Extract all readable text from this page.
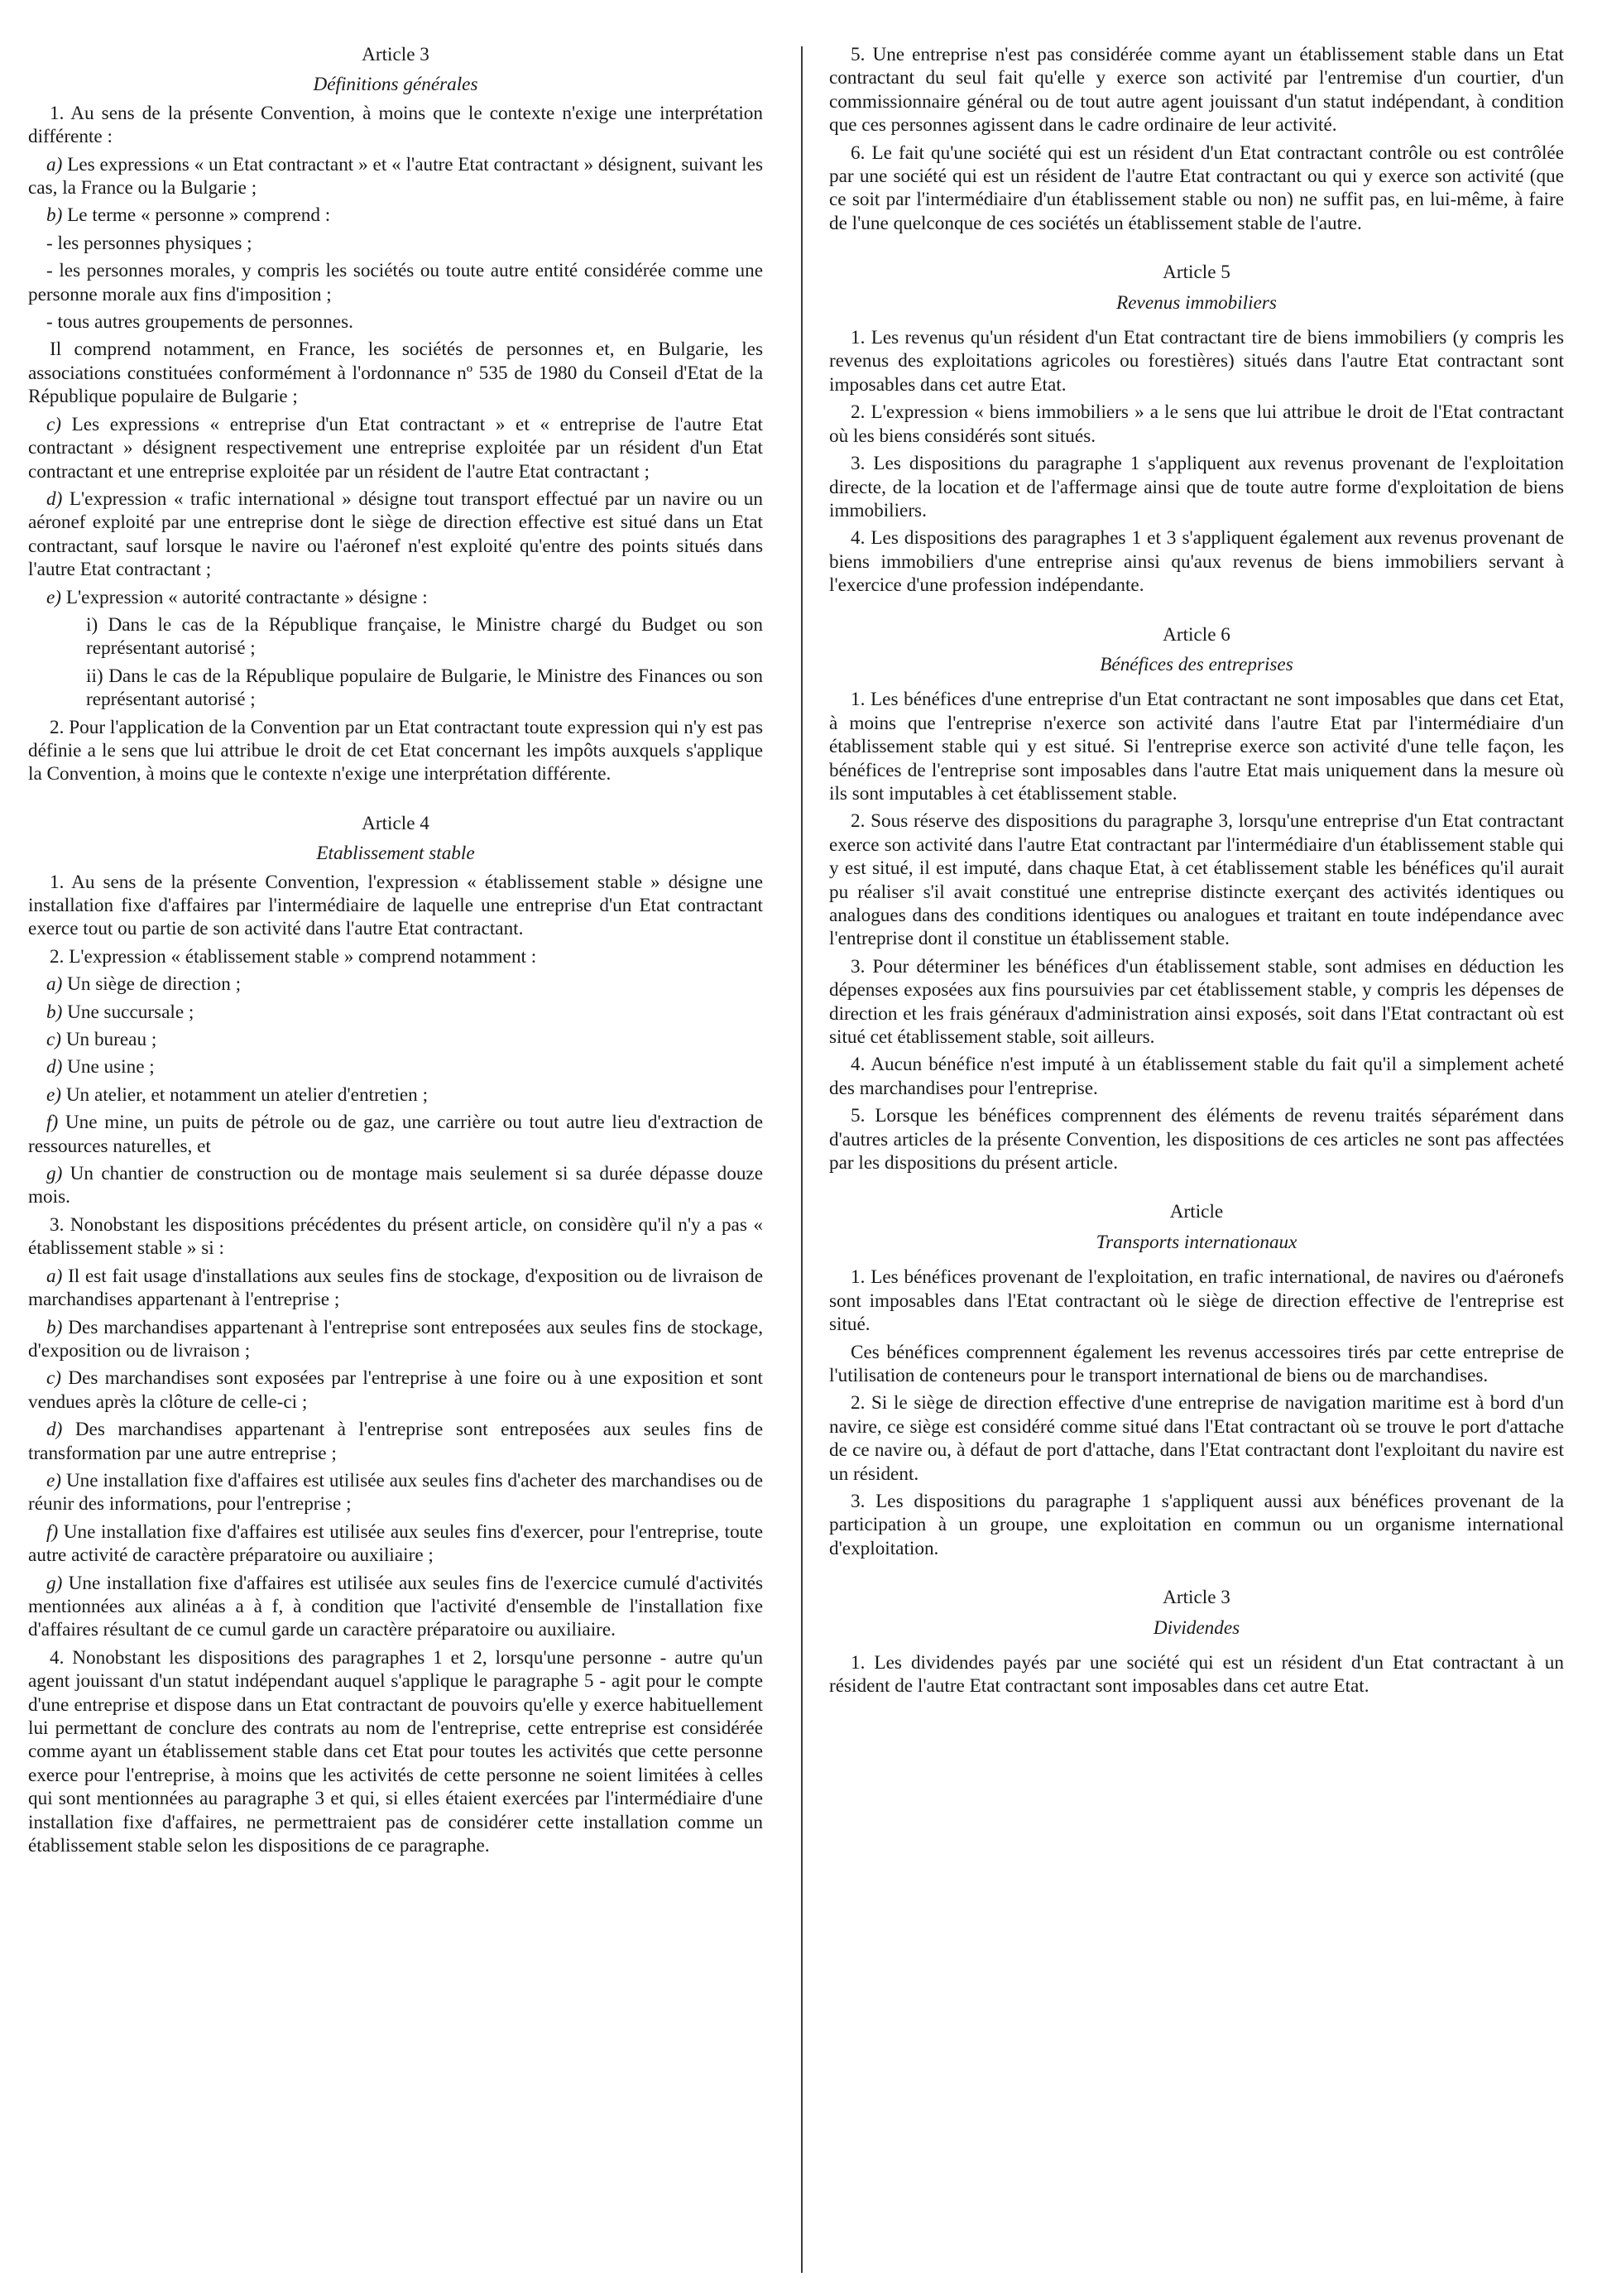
Article 3
Définitions générales

1. Au sens de la présente Convention, à moins que le contexte n'exige une interprétation différente :

a) Les expressions « un Etat contractant » et « l'autre Etat contractant » désignent, suivant les cas, la France ou la Bulgarie ;

b) Le terme « personne » comprend :

- les personnes physiques ;

- les personnes morales, y compris les sociétés ou toute autre entité considérée comme une personne morale aux fins d'imposition ;

- tous autres groupements de personnes.

Il comprend notamment, en France, les sociétés de personnes et, en Bulgarie, les associations constituées conformément à l'ordonnance nº 535 de 1980 du Conseil d'Etat de la République populaire de Bulgarie ;

c) Les expressions « entreprise d'un Etat contractant » et « entreprise de l'autre Etat contractant » désignent respectivement une entreprise exploitée par un résident d'un Etat contractant et une entreprise exploitée par un résident de l'autre Etat contractant ;

d) L'expression « trafic international » désigne tout transport effectué par un navire ou un aéronef exploité par une entreprise dont le siège de direction effective est situé dans un Etat contractant, sauf lorsque le navire ou l'aéronef n'est exploité qu'entre des points situés dans l'autre Etat contractant ;

e) L'expression « autorité contractante » désigne :

i) Dans le cas de la République française, le Ministre chargé du Budget ou son représentant autorisé ;

ii) Dans le cas de la République populaire de Bulgarie, le Ministre des Finances ou son représentant autorisé ;

2. Pour l'application de la Convention par un Etat contractant toute expression qui n'y est pas définie a le sens que lui attribue le droit de cet Etat concernant les impôts auxquels s'applique la Convention, à moins que le contexte n'exige une interprétation différente.

Article 4
Etablissement stable

1. Au sens de la présente Convention, l'expression « établissement stable » désigne une installation fixe d'affaires par l'intermédiaire de laquelle une entreprise d'un Etat contractant exerce tout ou partie de son activité dans l'autre Etat contractant.

2. L'expression « établissement stable » comprend notamment :

a) Un siège de direction ;

b) Une succursale ;

c) Un bureau ;

d) Une usine ;

e) Un atelier, et notamment un atelier d'entretien ;

f) Une mine, un puits de pétrole ou de gaz, une carrière ou tout autre lieu d'extraction de ressources naturelles, et

g) Un chantier de construction ou de montage mais seulement si sa durée dépasse douze mois.

3. Nonobstant les dispositions précédentes du présent article, on considère qu'il n'y a pas « établissement stable » si :

a) Il est fait usage d'installations aux seules fins de stockage, d'exposition ou de livraison de marchandises appartenant à l'entreprise ;

b) Des marchandises appartenant à l'entreprise sont entreposées aux seules fins de stockage, d'exposition ou de livraison ;

c) Des marchandises sont exposées par l'entreprise à une foire ou à une exposition et sont vendues après la clôture de celle-ci ;

d) Des marchandises appartenant à l'entreprise sont entreposées aux seules fins de transformation par une autre entreprise ;

e) Une installation fixe d'affaires est utilisée aux seules fins d'acheter des marchandises ou de réunir des informations, pour l'entreprise ;

f) Une installation fixe d'affaires est utilisée aux seules fins d'exercer, pour l'entreprise, toute autre activité de caractère préparatoire ou auxiliaire ;

g) Une installation fixe d'affaires est utilisée aux seules fins de l'exercice cumulé d'activités mentionnées aux alinéas a à f, à condition que l'activité d'ensemble de l'installation fixe d'affaires résultant de ce cumul garde un caractère préparatoire ou auxiliaire.

4. Nonobstant les dispositions des paragraphes 1 et 2, lorsqu'une personne - autre qu'un agent jouissant d'un statut indépendant auquel s'applique le paragraphe 5 - agit pour le compte d'une entreprise et dispose dans un Etat contractant de pouvoirs qu'elle y exerce habituellement lui permettant de conclure des contrats au nom de l'entreprise, cette entreprise est considérée comme ayant un établissement stable dans cet Etat pour toutes les activités que cette personne exerce pour l'entreprise, à moins que les activités de cette personne ne soient limitées à celles qui sont mentionnées au paragraphe 3 et qui, si elles étaient exercées par l'intermédiaire d'une installation fixe d'affaires, ne permettraient pas de considérer cette installation comme un établissement stable selon les dispositions de ce paragraphe.

5. Une entreprise n'est pas considérée comme ayant un établissement stable dans un Etat contractant du seul fait qu'elle y exerce son activité par l'entremise d'un courtier, d'un commissionnaire général ou de tout autre agent jouissant d'un statut indépendant, à condition que ces personnes agissent dans le cadre ordinaire de leur activité.

6. Le fait qu'une société qui est un résident d'un Etat contractant contrôle ou est contrôlée par une société qui est un résident de l'autre Etat contractant ou qui y exerce son activité (que ce soit par l'intermédiaire d'un établissement stable ou non) ne suffit pas, en lui-même, à faire de l'une quelconque de ces sociétés un établissement stable de l'autre.

Article 5
Revenus immobiliers

1. Les revenus qu'un résident d'un Etat contractant tire de biens immobiliers (y compris les revenus des exploitations agricoles ou forestières) situés dans l'autre Etat contractant sont imposables dans cet autre Etat.

2. L'expression « biens immobiliers » a le sens que lui attribue le droit de l'Etat contractant où les biens considérés sont situés.

3. Les dispositions du paragraphe 1 s'appliquent aux revenus provenant de l'exploitation directe, de la location et de l'affermage ainsi que de toute autre forme d'exploitation de biens immobiliers.

4. Les dispositions des paragraphes 1 et 3 s'appliquent également aux revenus provenant de biens immobiliers d'une entreprise ainsi qu'aux revenus de biens immobiliers servant à l'exercice d'une profession indépendante.

Article 6
Bénéfices des entreprises

1. Les bénéfices d'une entreprise d'un Etat contractant ne sont imposables que dans cet Etat, à moins que l'entreprise n'exerce son activité dans l'autre Etat par l'intermédiaire d'un établissement stable qui y est situé. Si l'entreprise exerce son activité d'une telle façon, les bénéfices de l'entreprise sont imposables dans l'autre Etat mais uniquement dans la mesure où ils sont imputables à cet établissement stable.

2. Sous réserve des dispositions du paragraphe 3, lorsqu'une entreprise d'un Etat contractant exerce son activité dans l'autre Etat contractant par l'intermédiaire d'un établissement stable qui y est situé, il est imputé, dans chaque Etat, à cet établissement stable les bénéfices qu'il aurait pu réaliser s'il avait constitué une entreprise distincte exerçant des activités identiques ou analogues dans des conditions identiques ou analogues et traitant en toute indépendance avec l'entreprise dont il constitue un établissement stable.

3. Pour déterminer les bénéfices d'un établissement stable, sont admises en déduction les dépenses exposées aux fins poursuivies par cet établissement stable, y compris les dépenses de direction et les frais généraux d'administration ainsi exposés, soit dans l'Etat contractant où est situé cet établissement stable, soit ailleurs.

4. Aucun bénéfice n'est imputé à un établissement stable du fait qu'il a simplement acheté des marchandises pour l'entreprise.

5. Lorsque les bénéfices comprennent des éléments de revenu traités séparément dans d'autres articles de la présente Convention, les dispositions de ces articles ne sont pas affectées par les dispositions du présent article.

Article
Transports internationaux

1. Les bénéfices provenant de l'exploitation, en trafic international, de navires ou d'aéronefs sont imposables dans l'Etat contractant où le siège de direction effective de l'entreprise est situé.

Ces bénéfices comprennent également les revenus accessoires tirés par cette entreprise de l'utilisation de conteneurs pour le transport international de biens ou de marchandises.

2. Si le siège de direction effective d'une entreprise de navigation maritime est à bord d'un navire, ce siège est considéré comme situé dans l'Etat contractant où se trouve le port d'attache de ce navire ou, à défaut de port d'attache, dans l'Etat contractant dont l'exploitant du navire est un résident.

3. Les dispositions du paragraphe 1 s'appliquent aussi aux bénéfices provenant de la participation à un groupe, une exploitation en commun ou un organisme international d'exploitation.

Article 3
Dividendes

1. Les dividendes payés par une société qui est un résident d'un Etat contractant à un résident de l'autre Etat contractant sont imposables dans cet autre Etat.
